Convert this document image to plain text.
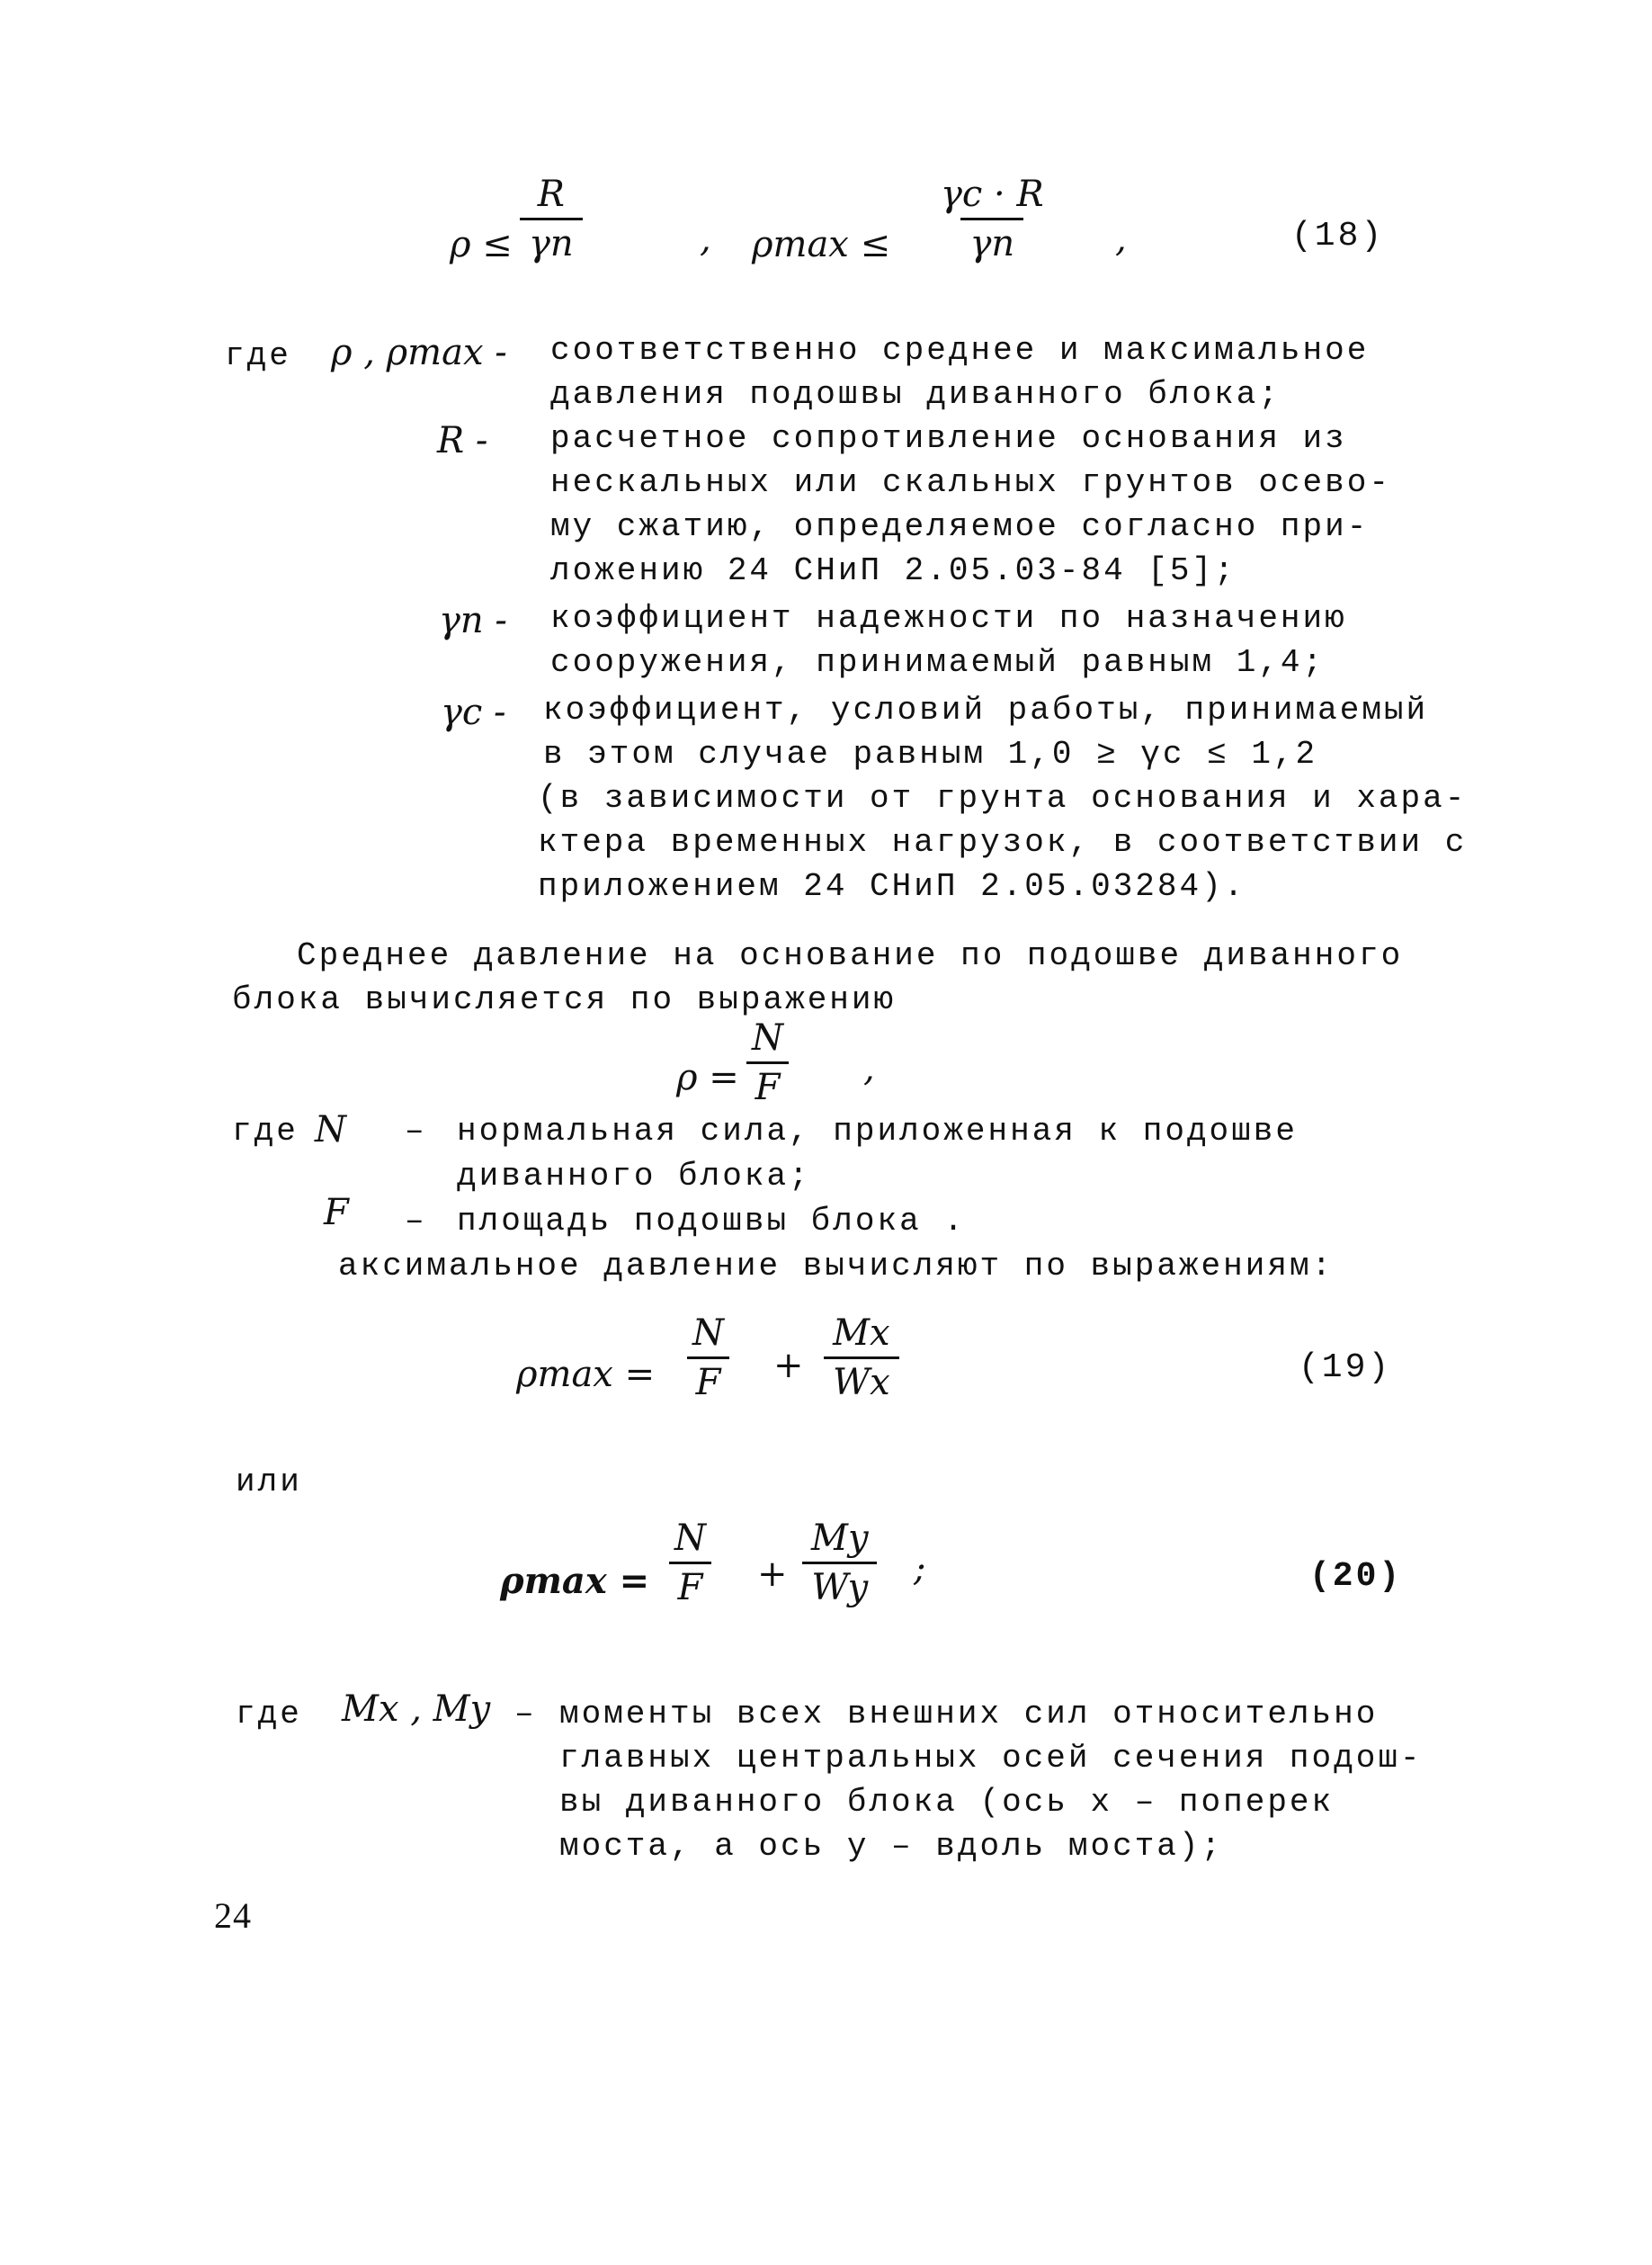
$\rho \le \frac{R}{\gamma n}$	, $\rho\max \le \frac{\gamma c \cdot R}{\gamma n}$ ,	(18)
где ρ , ρmax - соответственно среднее и максимальное
давления подошвы диванного блока;
R - расчетное сопротивление основания из
нескальных или скальных грунтов осево-
му сжатию, определяемое согласно при-
ложению 24 СНиП 2.05.03-84 [5];
γn - коэффициент надежности по назначению
сооружения, принимаемый равным 1,4;
γc - коэффициент, условий работы, принимаемый
в этом случае равным 1,0 ≥ γc ≤ 1,2
(в зависимости от грунта основания и хара-
ктера временных нагрузок, в соответствии с
приложением 24 СНиП 2.05.03284).
Среднее давление на основание по подошве диванного
блока вычисляется по выражению
$\rho = \frac{N}{F}$ ,
где N – нормальная сила, приложенная к подошве
диванного блока;
F – площадь подошвы блока .
аксимальное давление вычисляют по выражениям:
$\rho\max = \frac{N}{F} + \frac{Mx}{Wx}$	(19)
или
$\rho\max = \frac{N}{F} + \frac{My}{Wy}$ ;	(20)
где Mx , My – моменты всех внешних сил относительно
главных центральных осей сечения подош-
вы диванного блока (ось x – поперек
моста, а ось y – вдоль моста);
24
